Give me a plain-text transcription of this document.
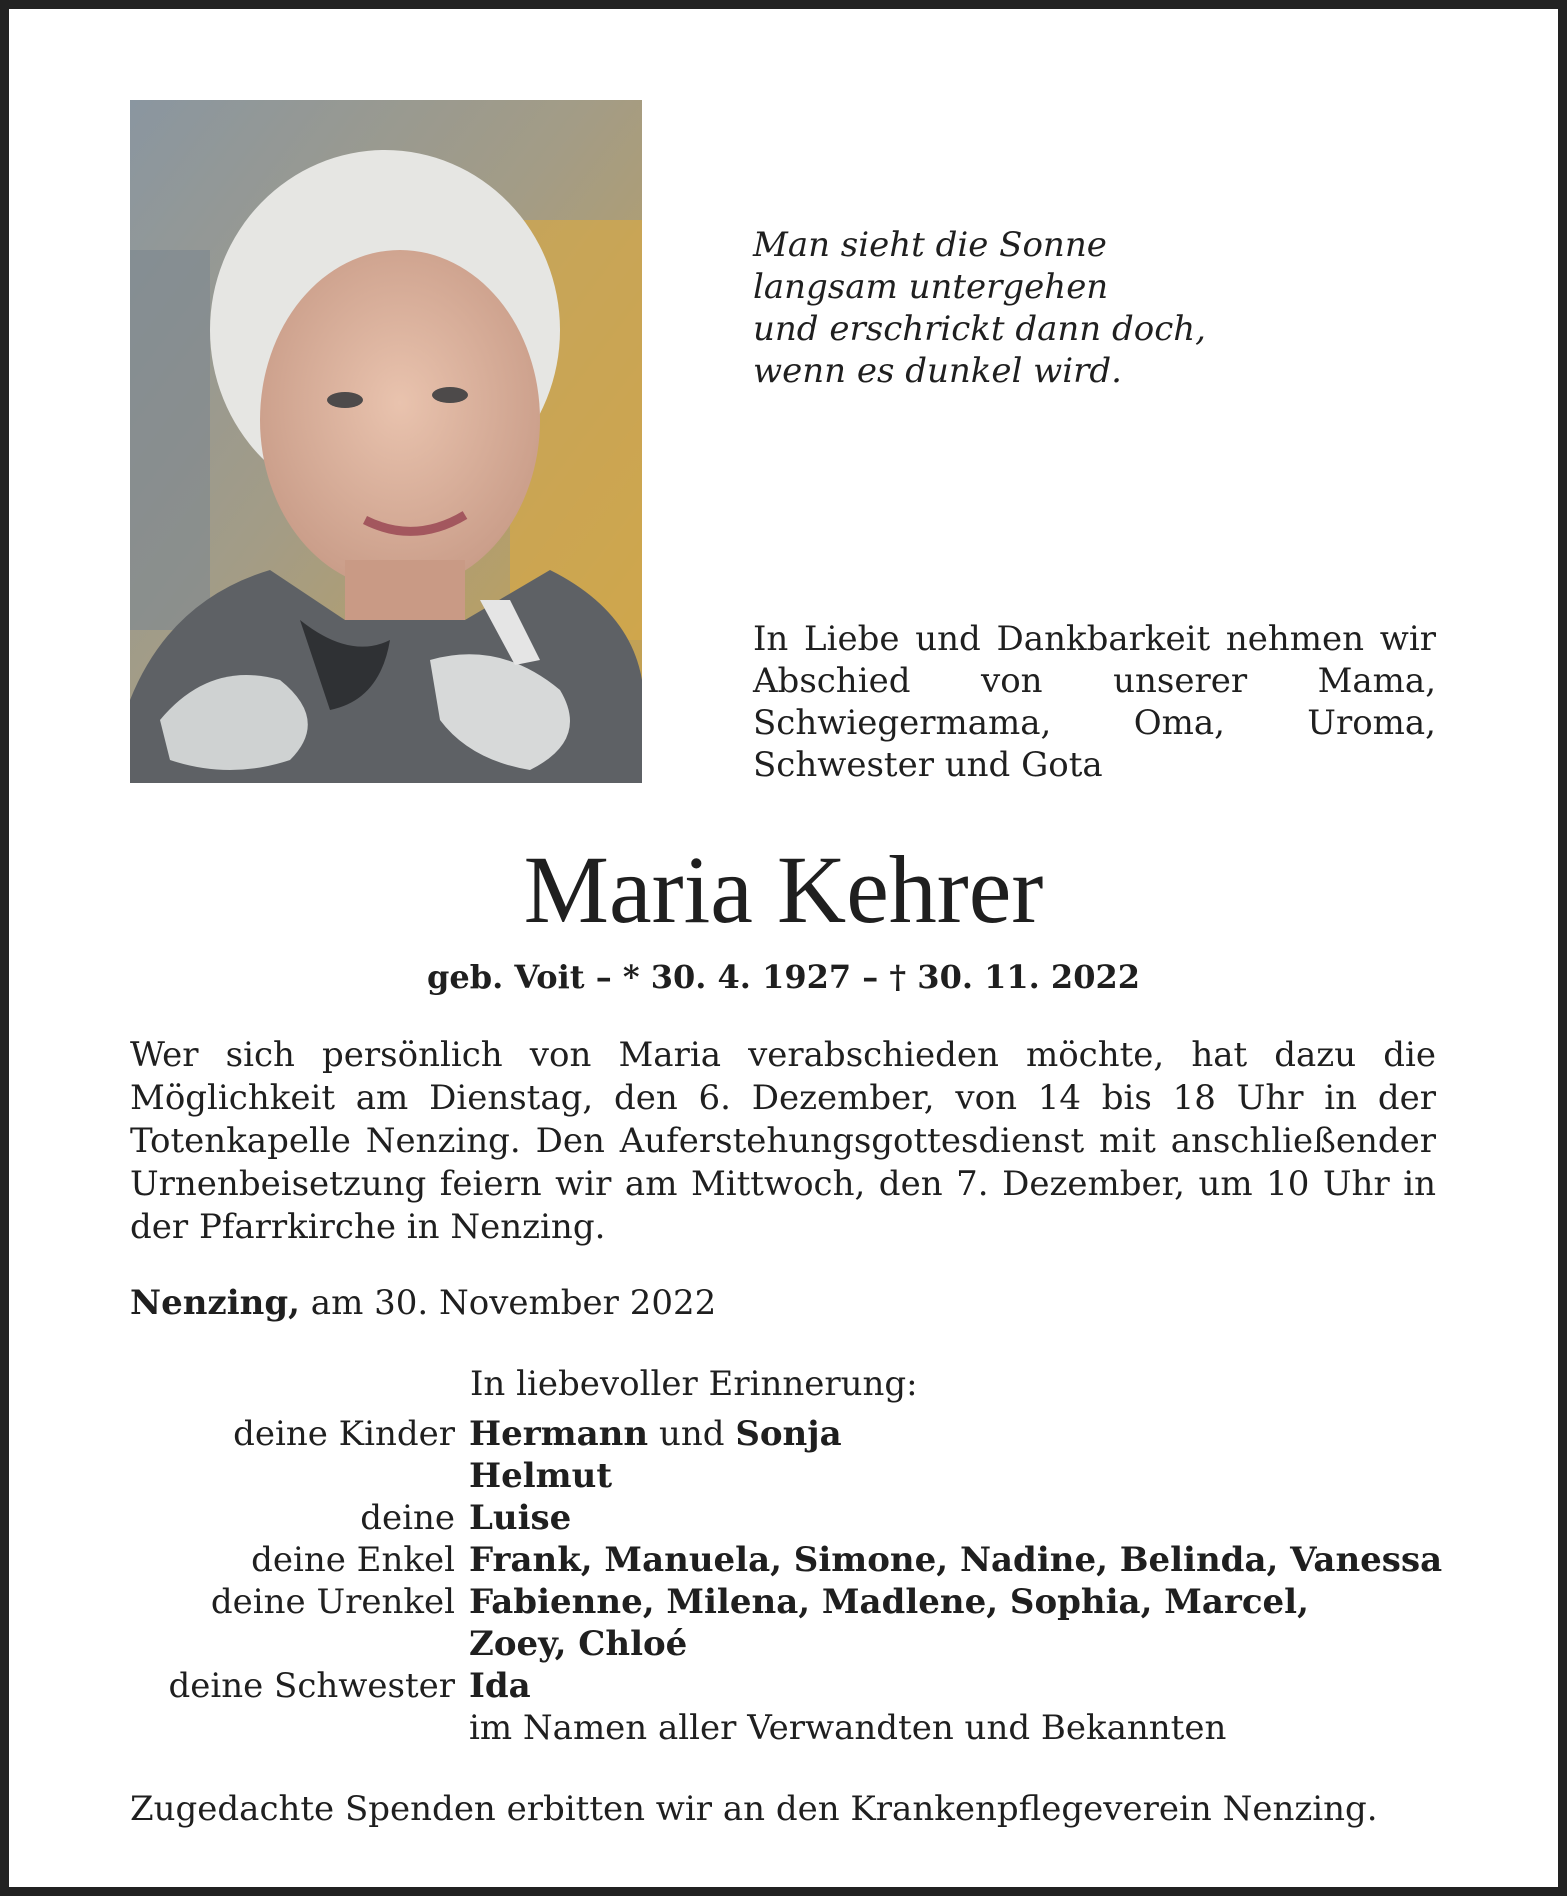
Man sieht die Sonne
langsam untergehen
und erschrickt dann doch,
wenn es dunkel wird.
In Liebe und Dankbarkeit nehmen wir Abschied von unserer Mama, Schwiegermama, Oma, Uroma, Schwester und Gota
Maria Kehrer
geb. Voit – * 30. 4. 1927 – † 30. 11. 2022
Wer sich persönlich von Maria verabschieden möchte, hat dazu die Möglichkeit am Dienstag, den 6. Dezember, von 14 bis 18 Uhr in der Totenkapelle Nenzing. Den Auferstehungsgottesdienst mit anschließender Urnenbeisetzung feiern wir am Mittwoch, den 7. Dezember, um 10 Uhr in der Pfarrkirche in Nenzing.
Nenzing, am 30. November 2022
In liebevoller Erinnerung:
deine Kinder Hermann und Sonja
Helmut
deine Luise
deine Enkel Frank, Manuela, Simone, Nadine, Belinda, Vanessa
deine Urenkel Fabienne, Milena, Madlene, Sophia, Marcel,
Zoey, Chloé
deine Schwester Ida
im Namen aller Verwandten und Bekannten
Zugedachte Spenden erbitten wir an den Krankenpflegeverein Nenzing.
